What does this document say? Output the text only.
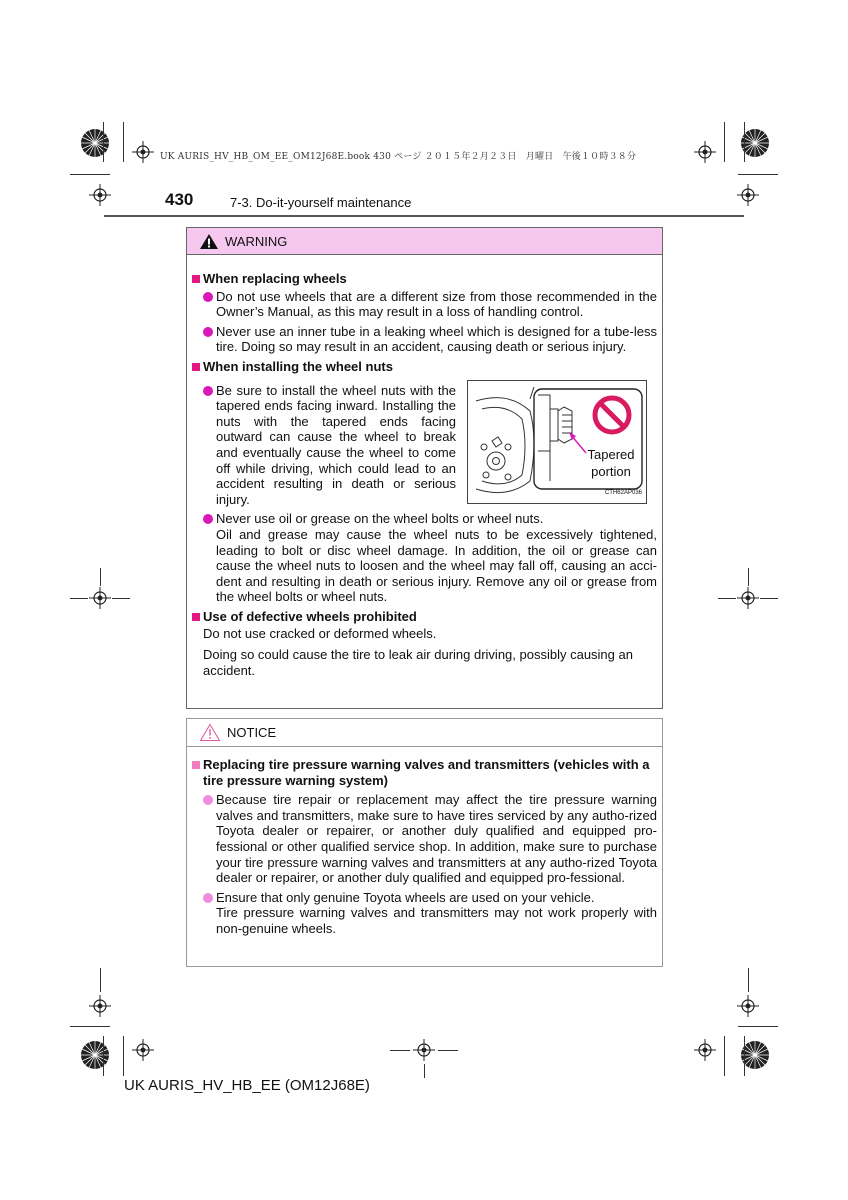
UK AURIS_HV_HB_OM_EE_OM12J68E.book 430 ページ ２０１５年２月２３日　月曜日　午後１０時３８分
430	7-3. Do-it-yourself maintenance
WARNING
When replacing wheels
Do not use wheels that are a different size from those recommended in the Owner’s Manual, as this may result in a loss of handling control.
Never use an inner tube in a leaking wheel which is designed for a tube-less tire. Doing so may result in an accident, causing death or serious injury.
When installing the wheel nuts
Be sure to install the wheel nuts with the tapered ends facing inward. Installing the nuts with the tapered ends facing outward can cause the wheel to break and eventually cause the wheel to come off while driving, which could lead to an accident resulting in death or serious injury.
Tapered portion
CTH62AP036
Never use oil or grease on the wheel bolts or wheel nuts.
Oil and grease may cause the wheel nuts to be excessively tightened, leading to bolt or disc wheel damage. In addition, the oil or grease can cause the wheel nuts to loosen and the wheel may fall off, causing an acci-dent and resulting in death or serious injury. Remove any oil or grease from the wheel bolts or wheel nuts.
Use of defective wheels prohibited
Do not use cracked or deformed wheels.
Doing so could cause the tire to leak air during driving, possibly causing an accident.
NOTICE
Replacing tire pressure warning valves and transmitters (vehicles with a tire pressure warning system)
Because tire repair or replacement may affect the tire pressure warning valves and transmitters, make sure to have tires serviced by any autho-rized Toyota dealer or repairer, or another duly qualified and equipped pro-fessional or other qualified service shop. In addition, make sure to purchase your tire pressure warning valves and transmitters at any autho-rized Toyota dealer or repairer, or another duly qualified and equipped pro-fessional.
Ensure that only genuine Toyota wheels are used on your vehicle.
Tire pressure warning valves and transmitters may not work properly with non-genuine wheels.
UK AURIS_HV_HB_EE (OM12J68E)
